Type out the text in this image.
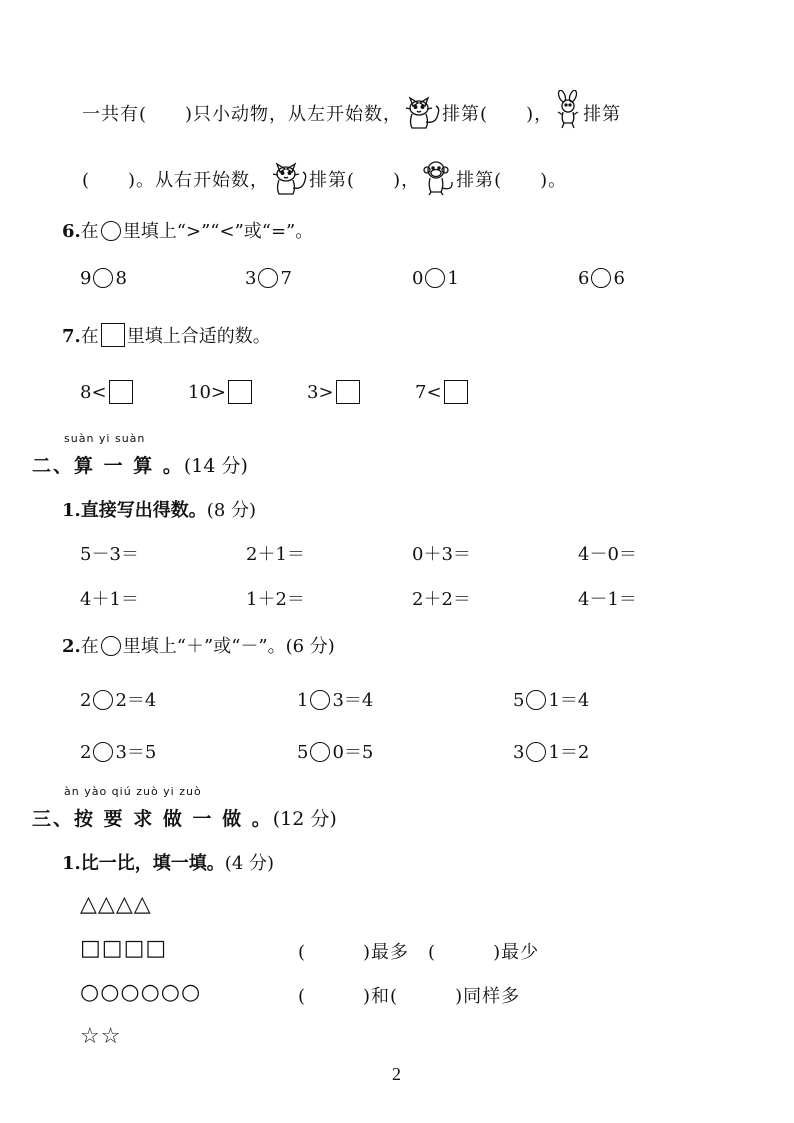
一共有(　　)只小动物，从左开始数， 排第(　　)， 排第
(　　)。从右开始数， 排第(　　)， 排第(　　)。
6.在 里填上“>”“<”或“=”。
9 8	3 7	0 1	6 6
7.在 里填上合适的数。
8<	10>	3>	7<
suàn yi suàn
二、算 一 算 。(14 分)
1.直接写出得数。(8 分)
5－3＝	2＋1＝	0＋3＝	4－0＝
4＋1＝	1＋2＝	2＋2＝	4－1＝
2.在 里填上“＋”或“－”。(6 分)
2 2＝4	1 3＝4	5 1＝4
2 3＝5	5 0＝5	3 1＝2
àn yào qiú zuò yi zuò
三、按 要 求 做 一 做 。(12 分)
1.比一比，填一填。(4 分)
△△△△
□□□□
○○○○○○
☆☆
(　　　)最多　(　　　)最少
(　　　)和(　　　)同样多
2
